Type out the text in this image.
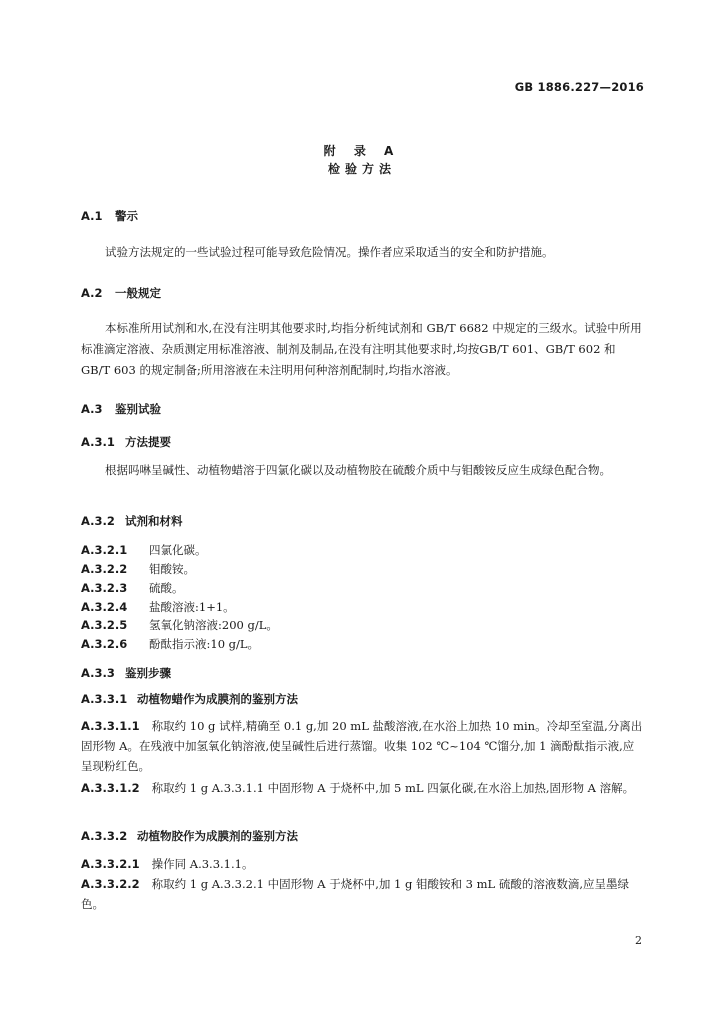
GB 1886.227—2016
附 录 A
检验方法
A.1 警示
试验方法规定的一些试验过程可能导致危险情况。操作者应采取适当的安全和防护措施。
A.2 一般规定
本标准所用试剂和水,在没有注明其他要求时,均指分析纯试剂和 GB/T 6682 中规定的三级水。试验中所用标准滴定溶液、杂质测定用标准溶液、制剂及制品,在没有注明其他要求时,均按GB/T 601、GB/T 602 和 GB/T 603 的规定制备;所用溶液在未注明用何种溶剂配制时,均指水溶液。
A.3 鉴别试验
A.3.1 方法提要
根据吗啉呈碱性、动植物蜡溶于四氯化碳以及动植物胶在硫酸介质中与钼酸铵反应生成绿色配合物。
A.3.2 试剂和材料
A.3.2.1 四氯化碳。
A.3.2.2 钼酸铵。
A.3.2.3 硫酸。
A.3.2.4 盐酸溶液:1+1。
A.3.2.5 氢氧化钠溶液:200 g/L。
A.3.2.6 酚酞指示液:10 g/L。
A.3.3 鉴别步骤
A.3.3.1 动植物蜡作为成膜剂的鉴别方法
A.3.3.1.1 称取约 10 g 试样,精确至 0.1 g,加 20 mL 盐酸溶液,在水浴上加热 10 min。冷却至室温,分离出固形物 A。在残液中加氢氧化钠溶液,使呈碱性后进行蒸馏。收集 102 ℃~104 ℃馏分,加 1 滴酚酞指示液,应呈现粉红色。
A.3.3.1.2 称取约 1 g A.3.3.1.1 中固形物 A 于烧杯中,加 5 mL 四氯化碳,在水浴上加热,固形物 A 溶解。
A.3.3.2 动植物胶作为成膜剂的鉴别方法
A.3.3.2.1 操作同 A.3.3.1.1。
A.3.3.2.2 称取约 1 g A.3.3.2.1 中固形物 A 于烧杯中,加 1 g 钼酸铵和 3 mL 硫酸的溶液数滴,应呈墨绿色。
2
